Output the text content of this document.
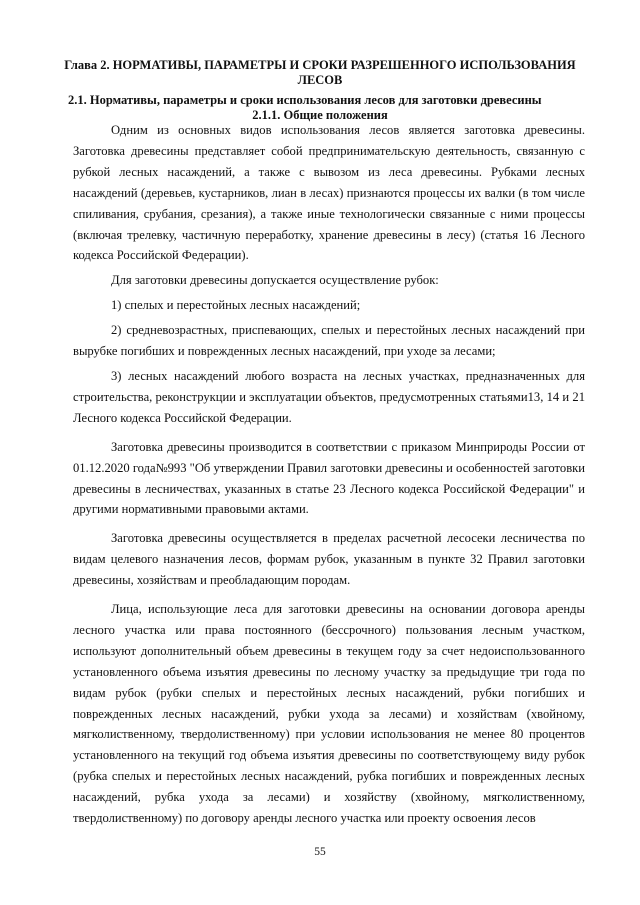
Глава 2. НОРМАТИВЫ, ПАРАМЕТРЫ И СРОКИ РАЗРЕШЕННОГО ИСПОЛЬЗОВАНИЯ ЛЕСОВ
2.1. Нормативы, параметры и сроки использования лесов для заготовки древесины
2.1.1. Общие положения

Одним из основных видов использования лесов является заготовка древесины. Заготовка древесины представляет собой предпринимательскую деятельность, связанную с рубкой лесных насаждений, а также с вывозом из леса древесины. Рубками лесных насаждений (деревьев, кустарников, лиан в лесах) признаются процессы их валки (в том числе спиливания, срубания, срезания), а также иные технологически связанные с ними процессы (включая трелевку, частичную переработку, хранение древесины в лесу) (статья 16 Лесного кодекса Российской Федерации).

Для заготовки древесины допускается осуществление рубок:

1) спелых и перестойных лесных насаждений;

2) средневозрастных, приспевающих, спелых и перестойных лесных насаждений при вырубке погибших и поврежденных лесных насаждений, при уходе за лесами;

3) лесных насаждений любого возраста на лесных участках, предназначенных для строительства, реконструкции и эксплуатации объектов, предусмотренных статьями13, 14 и 21 Лесного кодекса Российской Федерации.

Заготовка древесины производится в соответствии с приказом Минприроды России от 01.12.2020 года№993 "Об утверждении Правил заготовки древесины и особенностей заготовки древесины в лесничествах, указанных в статье 23 Лесного кодекса Российской Федерации" и другими нормативными правовыми актами.

Заготовка древесины осуществляется в пределах расчетной лесосеки лесничества по видам целевого назначения лесов, формам рубок, указанным в пункте 32 Правил заготовки древесины, хозяйствам и преобладающим породам.

Лица, использующие леса для заготовки древесины на основании договора аренды лесного участка или права постоянного (бессрочного) пользования лесным участком, используют дополнительный объем древесины в текущем году за счет недоиспользованного установленного объема изъятия древесины по лесному участку за предыдущие три года по видам рубок (рубки спелых и перестойных лесных насаждений, рубки погибших и поврежденных лесных насаждений, рубки ухода за лесами) и хозяйствам (хвойному, мягколиственному, твердолиственному) при условии использования не менее 80 процентов установленного на текущий год объема изъятия древесины по соответствующему виду рубок (рубка спелых и перестойных лесных насаждений, рубка погибших и поврежденных лесных насаждений, рубка ухода за лесами) и хозяйству (хвойному, мягколиственному, твердолиственному) по договору аренды лесного участка или проекту освоения лесов

55
